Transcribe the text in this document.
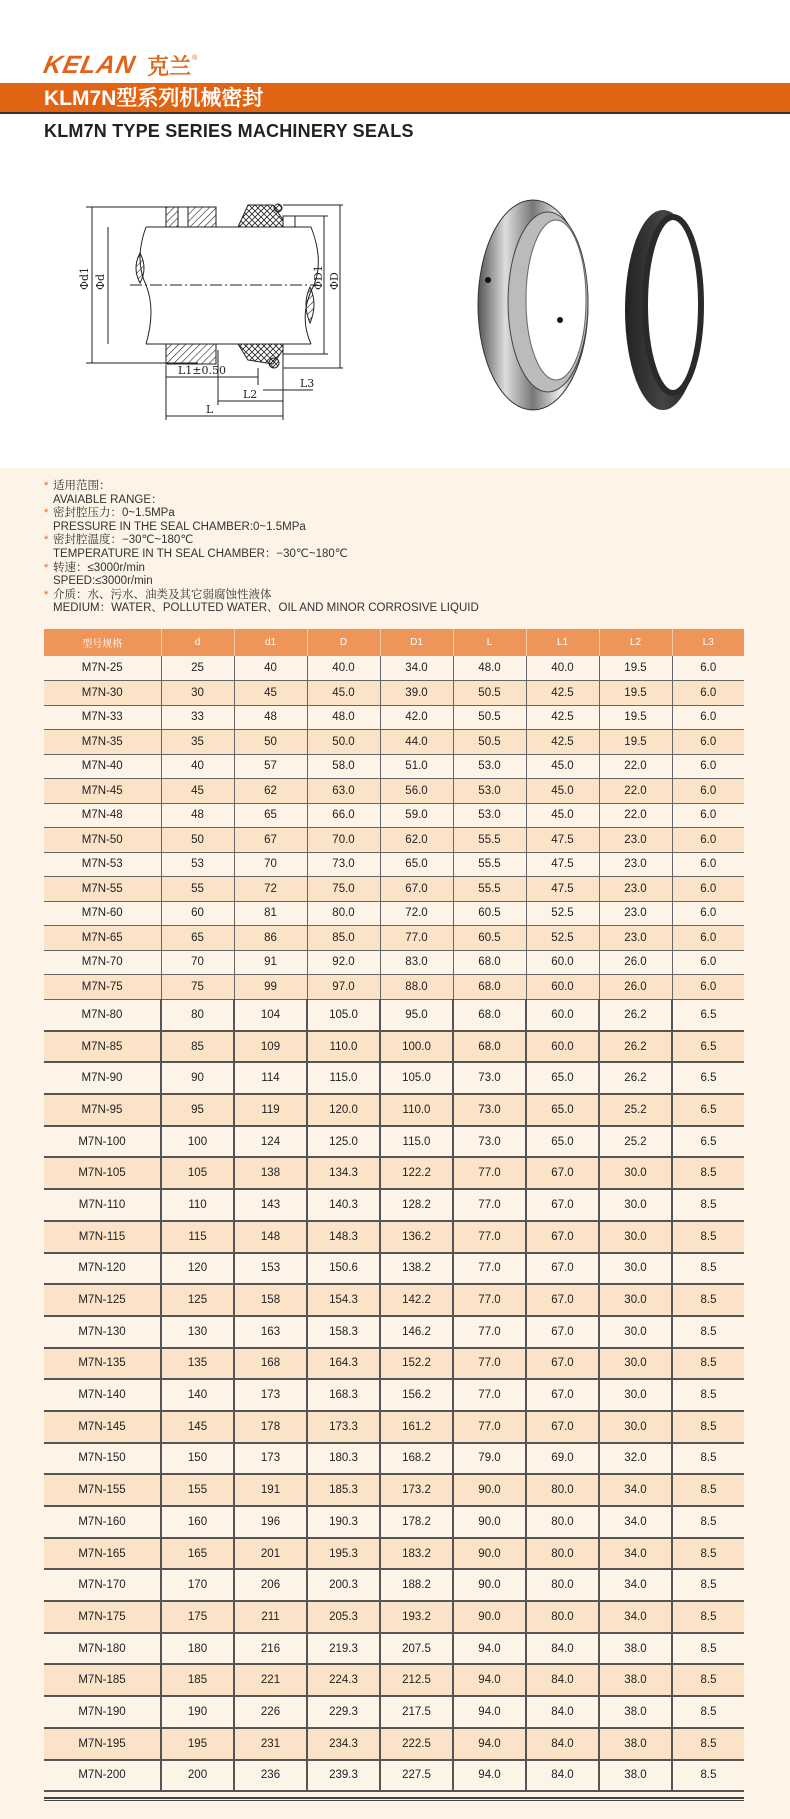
KELAN 克兰 ®
KLM7N型系列机械密封
KLM7N TYPE SERIES MACHINERY SEALS
Φd1 Φd	ΦD1 ΦD
L1±0.50
L2
L3
L
* 适用范围：
AVAIABLE RANGE：
* 密封腔压力：0~1.5MPa
PRESSURE IN THE SEAL CHAMBER:0~1.5MPa
* 密封腔温度：−30℃~180℃
TEMPERATURE IN TH SEAL CHAMBER：−30℃~180℃
* 转速：≤3000r/min
SPEED:≤3000r/min
* 介质：水、污水、油类及其它弱腐蚀性液体
MEDIUM：WATER、POLLUTED WATER、OIL AND MINOR CORROSIVE LIQUID
型号规格	d	d1	D	D1	L	L1	L2	L3
M7N-25	25	40	40.0	34.0	48.0	40.0	19.5	6.0
M7N-30	30	45	45.0	39.0	50.5	42.5	19.5	6.0
M7N-33	33	48	48.0	42.0	50.5	42.5	19.5	6.0
M7N-35	35	50	50.0	44.0	50.5	42.5	19.5	6.0
M7N-40	40	57	58.0	51.0	53.0	45.0	22.0	6.0
M7N-45	45	62	63.0	56.0	53.0	45.0	22.0	6.0
M7N-48	48	65	66.0	59.0	53.0	45.0	22.0	6.0
M7N-50	50	67	70.0	62.0	55.5	47.5	23.0	6.0
M7N-53	53	70	73.0	65.0	55.5	47.5	23.0	6.0
M7N-55	55	72	75.0	67.0	55.5	47.5	23.0	6.0
M7N-60	60	81	80.0	72.0	60.5	52.5	23.0	6.0
M7N-65	65	86	85.0	77.0	60.5	52.5	23.0	6.0
M7N-70	70	91	92.0	83.0	68.0	60.0	26.0	6.0
M7N-75	75	99	97.0	88.0	68.0	60.0	26.0	6.0
M7N-80	80	104	105.0	95.0	68.0	60.0	26.2	6.5
M7N-85	85	109	110.0	100.0	68.0	60.0	26.2	6.5
M7N-90	90	114	115.0	105.0	73.0	65.0	26.2	6.5
M7N-95	95	119	120.0	110.0	73.0	65.0	25.2	6.5
M7N-100	100	124	125.0	115.0	73.0	65.0	25.2	6.5
M7N-105	105	138	134.3	122.2	77.0	67.0	30.0	8.5
M7N-110	110	143	140.3	128.2	77.0	67.0	30.0	8.5
M7N-115	115	148	148.3	136.2	77.0	67.0	30.0	8.5
M7N-120	120	153	150.6	138.2	77.0	67.0	30.0	8.5
M7N-125	125	158	154.3	142.2	77.0	67.0	30.0	8.5
M7N-130	130	163	158.3	146.2	77.0	67.0	30.0	8.5
M7N-135	135	168	164.3	152.2	77.0	67.0	30.0	8.5
M7N-140	140	173	168.3	156.2	77.0	67.0	30.0	8.5
M7N-145	145	178	173.3	161.2	77.0	67.0	30.0	8.5
M7N-150	150	173	180.3	168.2	79.0	69.0	32.0	8.5
M7N-155	155	191	185.3	173.2	90.0	80.0	34.0	8.5
M7N-160	160	196	190.3	178.2	90.0	80.0	34.0	8.5
M7N-165	165	201	195.3	183.2	90.0	80.0	34.0	8.5
M7N-170	170	206	200.3	188.2	90.0	80.0	34.0	8.5
M7N-175	175	211	205.3	193.2	90.0	80.0	34.0	8.5
M7N-180	180	216	219.3	207.5	94.0	84.0	38.0	8.5
M7N-185	185	221	224.3	212.5	94.0	84.0	38.0	8.5
M7N-190	190	226	229.3	217.5	94.0	84.0	38.0	8.5
M7N-195	195	231	234.3	222.5	94.0	84.0	38.0	8.5
M7N-200	200	236	239.3	227.5	94.0	84.0	38.0	8.5
